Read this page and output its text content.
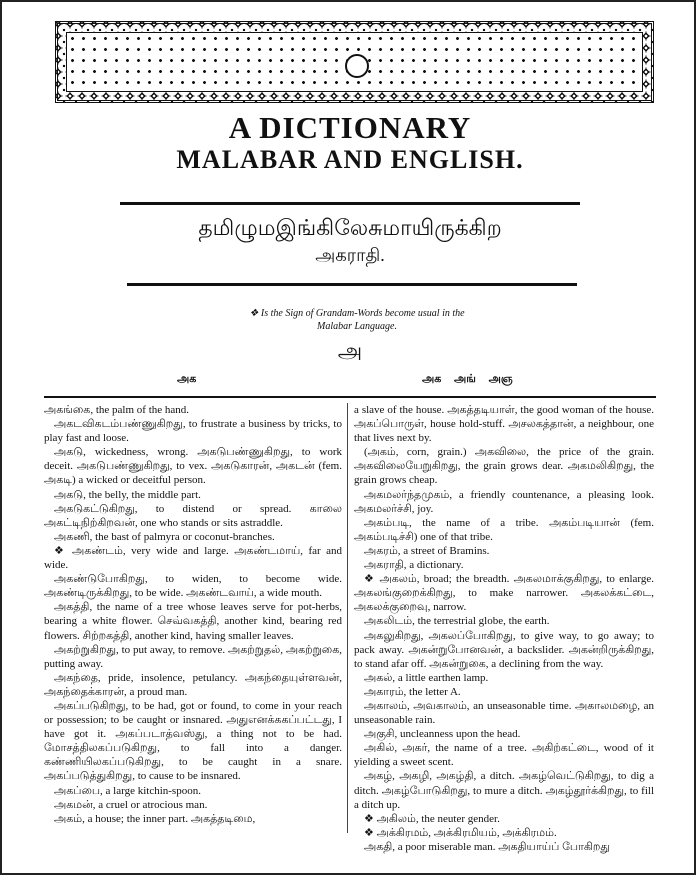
A DICTIONARY
MALABAR AND ENGLISH.
தமிழுமஇங்கிலேசுமாயிருக்கிற
அகராதி.
❖ Is the Sign of Grandam-Words become usual in the
Malabar Language.
அ
அக	அக அங் அஞ

அகங்கை, the palm of the hand.

அகடவிகடம்பண்ணுகிறது, to frustrate a business by tricks, to play fast and loose.

அகடு, wickedness, wrong. அகடுபண்ணுகிறது, to work deceit. அகடுபண்ணுகிறது, to vex. அகடுகாரன், அகடன் (fem. அகடி) a wicked or deceitful person.

அகடு, the belly, the middle part.

அகடுகட்டுகிறது, to distend or spread. காலை அகட்டிநிற்கிறவன், one who stands or sits astraddle.

அகணி, the bast of palmyra or coconut-branches.

❖ அகண்டம், very wide and large. அகண்டமாய், far and wide.

அகண்டுபோகிறது, to widen, to become wide. அகண்டிருக்கிறது, to be wide. அகண்டவாய், a wide mouth.

அகத்தி, the name of a tree whose leaves serve for pot-herbs, bearing a white flower. செவ்வகத்தி, another kind, bearing red flowers. சிற்றகத்தி, another kind, having smaller leaves.

அகற்றுகிறது, to put away, to remove. அகற்றுதல், அகற்றுகை, putting away.

அகந்தை, pride, insolence, petulancy. அகந்தையுள்ளவன், அகந்தைக்காரன், a proud man.

அகப்படுகிறது, to be had, got or found, to come in your reach or possession; to be caught or insnared. அதுஎனக்ககப்பட்டது, I have got it. அகப்படாத்வஸ்து, a thing not to be had. மோசத்திலகப்படுகிறது, to fall into a danger. கண்ணியிலகப்படுகிறது, to be caught in a snare. அகப்படுத்துகிறது, to cause to be insnared.

அகப்பை, a large kitchin-spoon.

அகமன், a cruel or atrocious man.

அகம், a house; the inner part. அகத்தடிமை,

a slave of the house. அகத்தடியாள், the good woman of the house. அகப்பொருள், house hold-stuff. அசலகத்தான், a neighbour, one that lives next by.

(அகம், corn, grain.) அகவிலை, the price of the grain. அகவிலையேறுகிறது, the grain grows dear. அகமலிகிறது, the grain grows cheap.

அகமலர்ந்தமுகம், a friendly countenance, a pleasing look. அகமலர்ச்சி, joy.

அகம்படி, the name of a tribe. அகம்படியான் (fem. அகம்படிச்சி) one of that tribe.

அகரம், a street of Bramins.

அகராதி, a dictionary.

❖ அகலம், broad; the breadth. அகலமாக்குகிறது, to enlarge. அகலங்குறைக்கிறது, to make narrower. அகலக்கட்டை, அகலக்குறைவு, narrow.

அகலிடம், the terrestrial globe, the earth.

அகலுகிறது, அகலப்போகிறது, to give way, to go away; to pack away. அகன்றுபோனவன், a backslider. அகன்றிருக்கிறது, to stand afar off. அகன்றுகை, a declining from the way.

அகல், a little earthen lamp.

அகாரம், the letter A.

அகாலம், அவகாலம், an unseasonable time. அகாலமழை, an unseasonable rain.

அகுசி, uncleanness upon the head.

அகில், அகர், the name of a tree. அகிற்கட்டை, wood of it yielding a sweet scent.

அகழ், அகழி, அகழ்தி, a ditch. அகழ்வெட்டுகிறது, to dig a ditch. அகழ்போடுகிறது, to mure a ditch. அகழ்தூர்க்கிறது, to fill a ditch up.

❖ அகிலம், the neuter gender.

❖ அக்கிரமம், அக்கிரமியம், அக்கிரமம்.

அகதி, a poor miserable man. அகதியாய்ப் போகிறது
